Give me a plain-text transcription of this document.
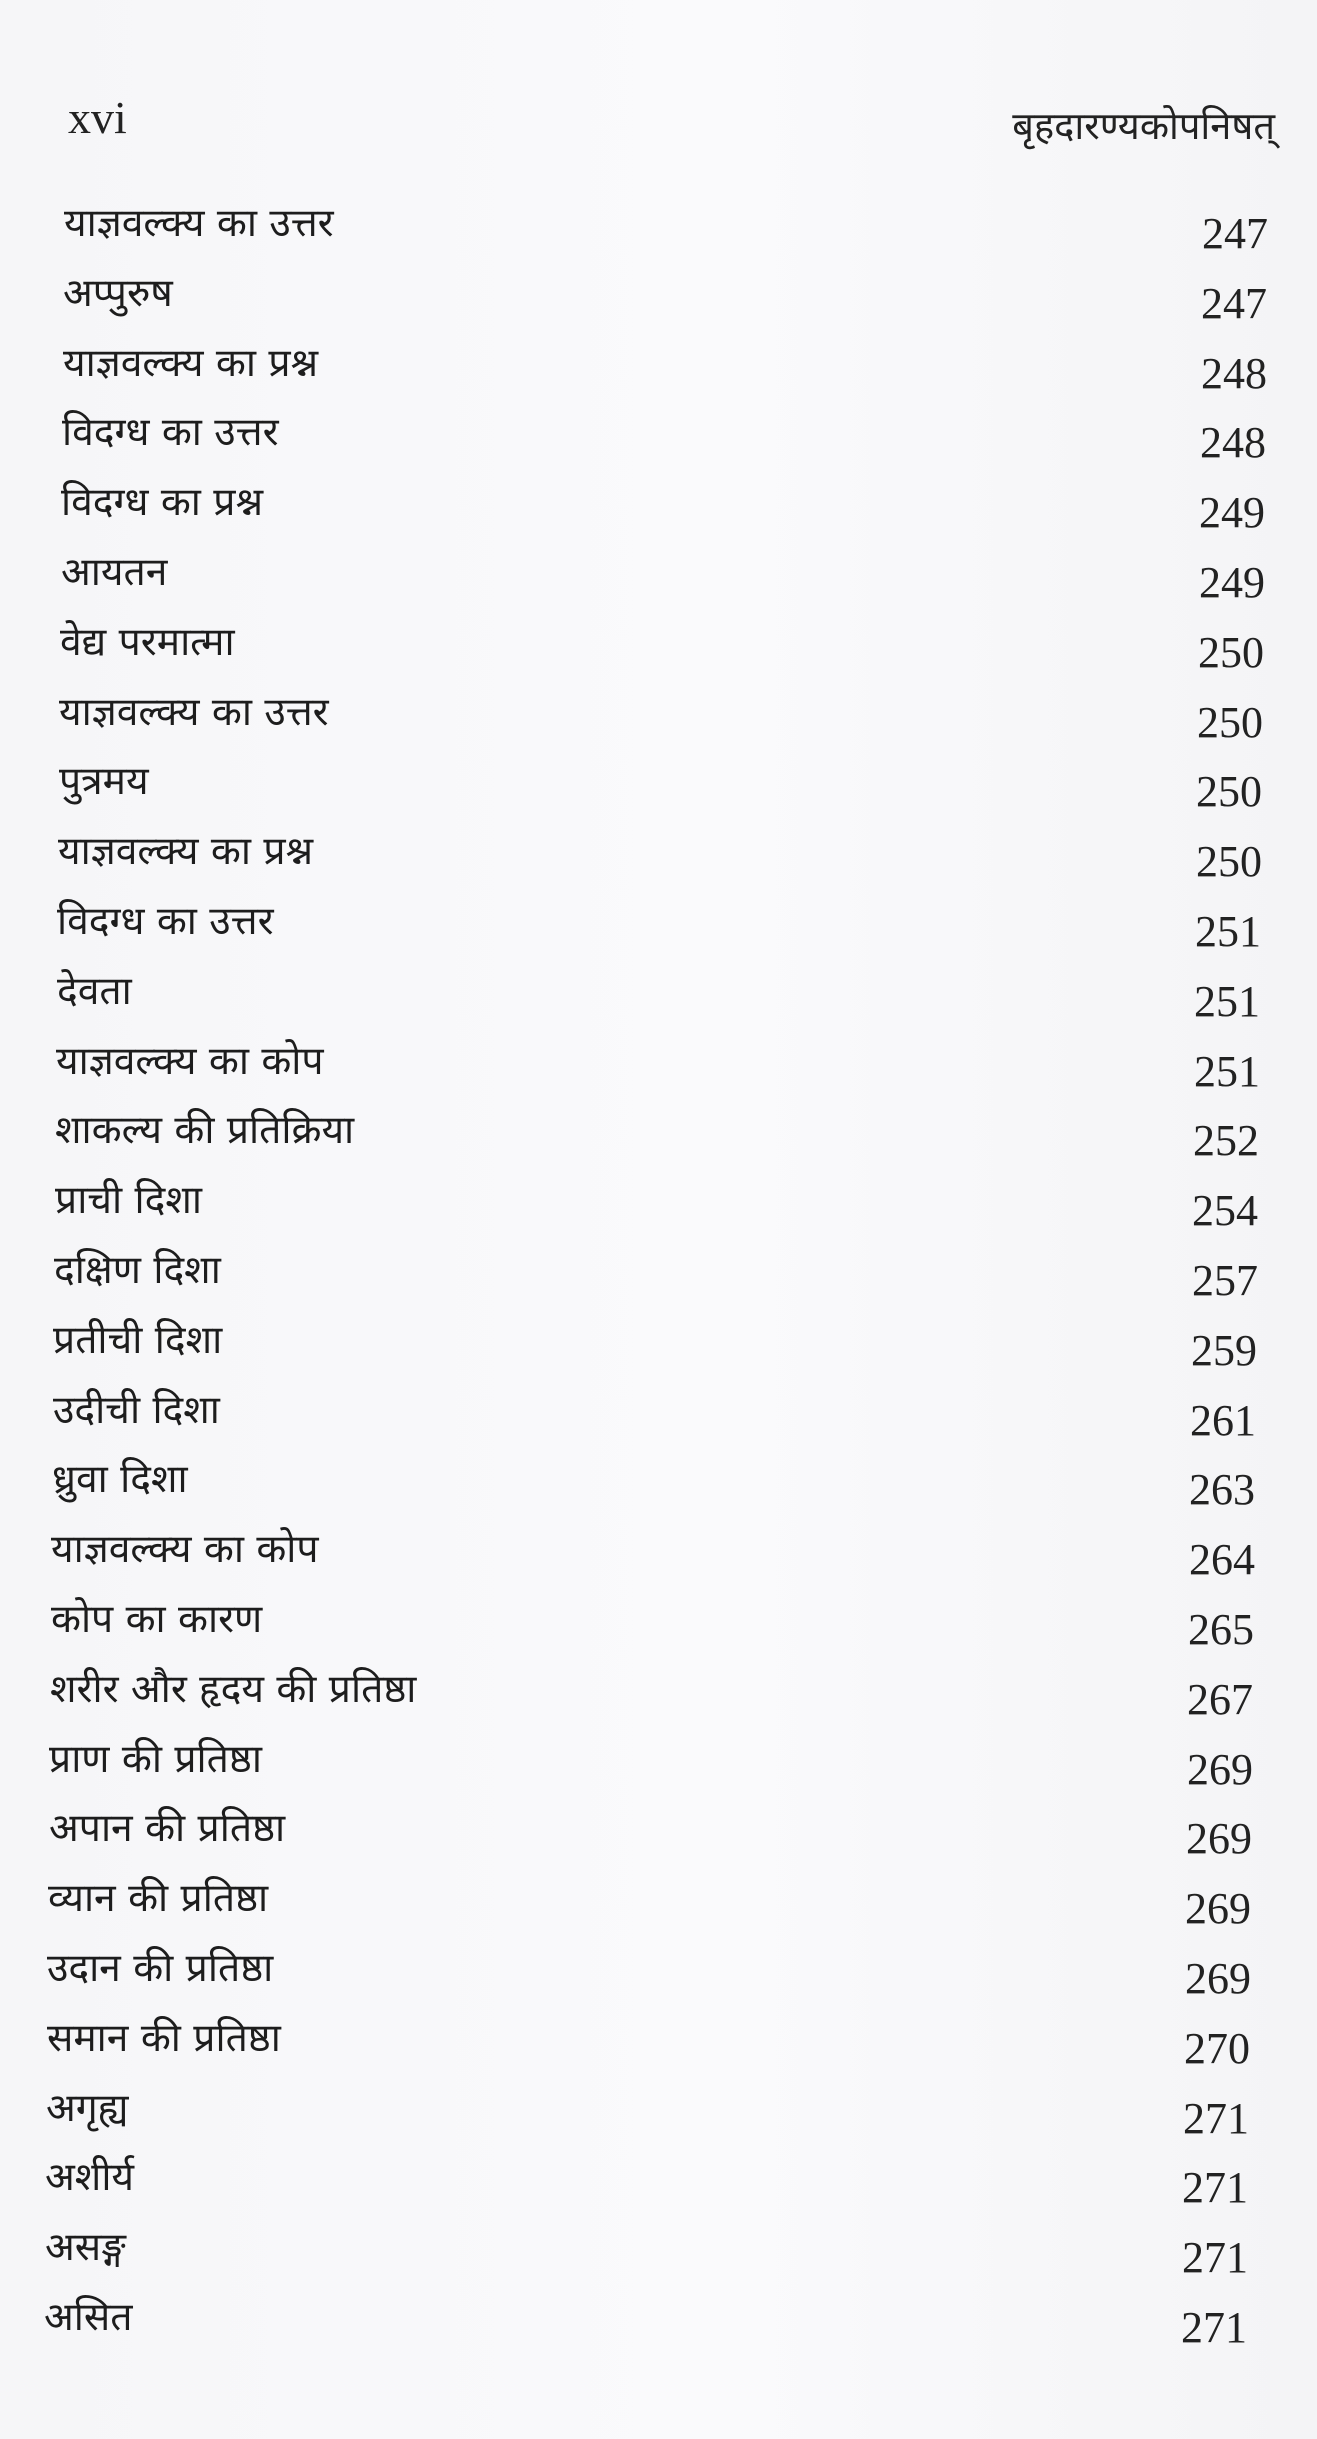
xvi	बृहदारण्यकोपनिषत्
याज्ञवल्क्य का उत्तर	247
अप्पुरुष	247
याज्ञवल्क्य का प्रश्न	248
विदग्ध का उत्तर	248
विदग्ध का प्रश्न	249
आयतन	249
वेद्य परमात्मा	250
याज्ञवल्क्य का उत्तर	250
पुत्रमय	250
याज्ञवल्क्य का प्रश्न	250
विदग्ध का उत्तर	251
देवता	251
याज्ञवल्क्य का कोप	251
शाकल्य की प्रतिक्रिया	252
प्राची दिशा	254
दक्षिण दिशा	257
प्रतीची दिशा	259
उदीची दिशा	261
ध्रुवा दिशा	263
याज्ञवल्क्य का कोप	264
कोप का कारण	265
शरीर और हृदय की प्रतिष्ठा	267
प्राण की प्रतिष्ठा	269
अपान की प्रतिष्ठा	269
व्यान की प्रतिष्ठा	269
उदान की प्रतिष्ठा	269
समान की प्रतिष्ठा	270
अगृह्य	271
अशीर्य	271
असङ्ग	271
असित	271
